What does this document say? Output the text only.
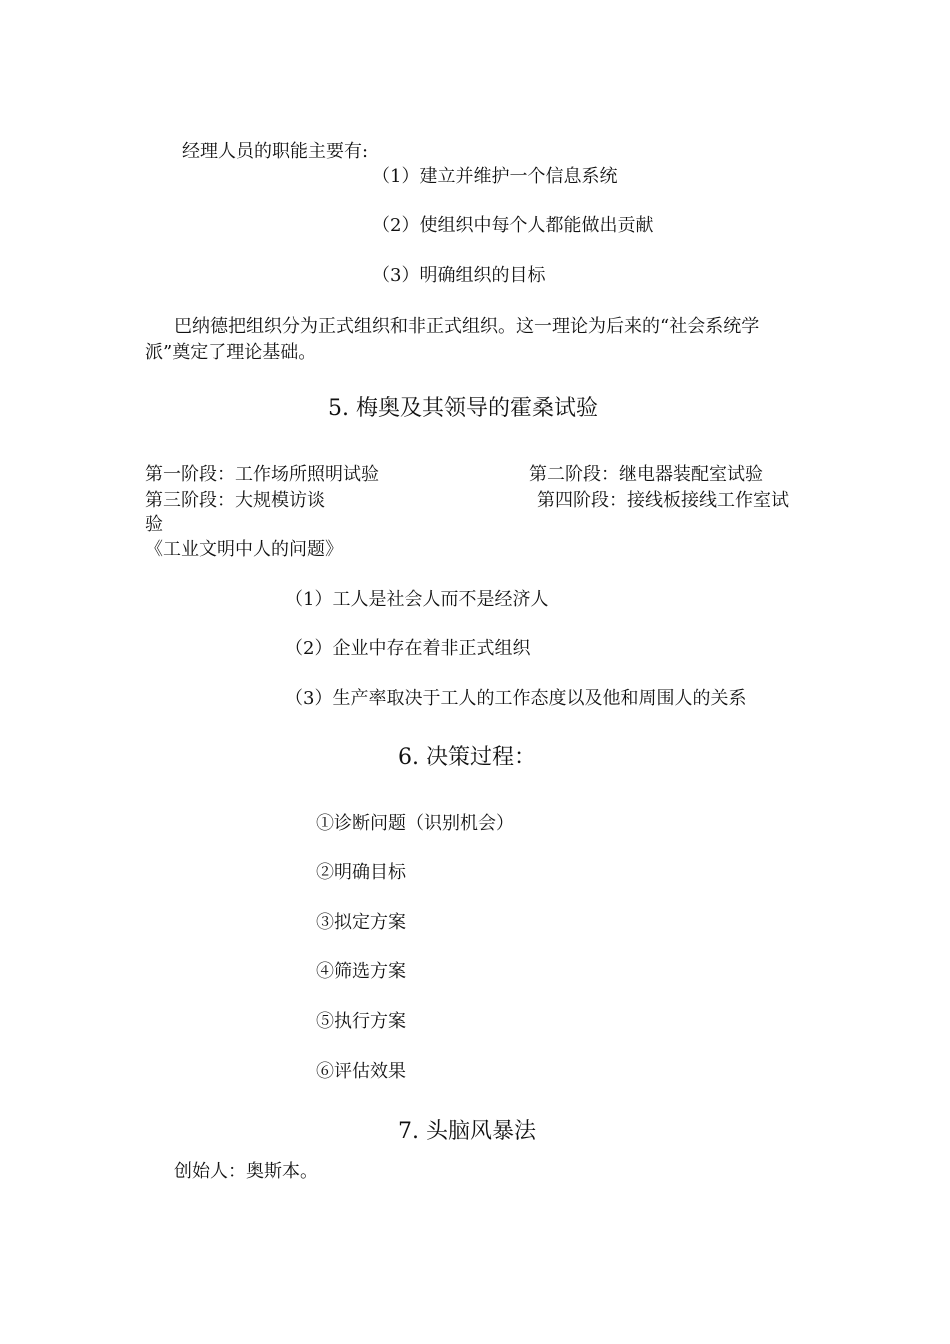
经理人员的职能主要有:
（1）建立并维护一个信息系统
（2）使组织中每个人都能做出贡献
（3）明确组织的目标
巴纳德把组织分为正式组织和非正式组织。这一理论为后来的“社会系统学
派”奠定了理论基础。
5. 梅奥及其领导的霍桑试验
第一阶段：工作场所照明试验	第二阶段：继电器装配室试验
第三阶段：大规模访谈	第四阶段：接线板接线工作室试
验
《工业文明中人的问题》
（1）工人是社会人而不是经济人
（2）企业中存在着非正式组织
（3）生产率取决于工人的工作态度以及他和周围人的关系
6. 决策过程：
①诊断问题（识别机会）
②明确目标
③拟定方案
④筛选方案
⑤执行方案
⑥评估效果
7. 头脑风暴法
创始人：奥斯本。
